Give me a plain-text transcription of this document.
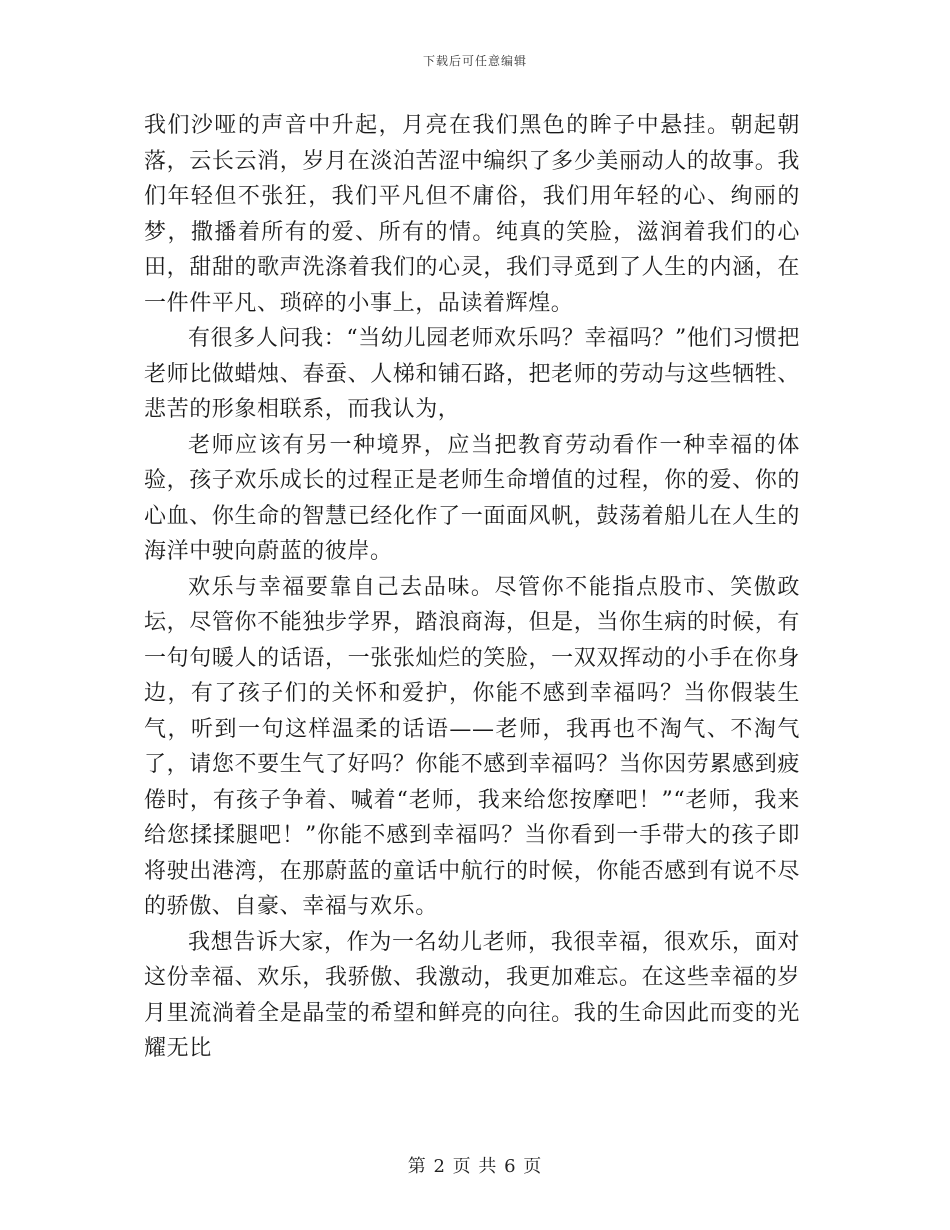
下载后可任意编辑

我们沙哑的声音中升起，月亮在我们黑色的眸子中悬挂。朝起朝落，云长云消，岁月在淡泊苦涩中编织了多少美丽动人的故事。我们年轻但不张狂，我们平凡但不庸俗，我们用年轻的心、绚丽的梦，撒播着所有的爱、所有的情。纯真的笑脸，滋润着我们的心田，甜甜的歌声洗涤着我们的心灵，我们寻觅到了人生的内涵，在一件件平凡、琐碎的小事上，品读着辉煌。

有很多人问我：“当幼儿园老师欢乐吗？幸福吗？”他们习惯把老师比做蜡烛、春蚕、人梯和铺石路，把老师的劳动与这些牺牲、悲苦的形象相联系，而我认为，

老师应该有另一种境界，应当把教育劳动看作一种幸福的体验，孩子欢乐成长的过程正是老师生命增值的过程，你的爱、你的心血、你生命的智慧已经化作了一面面风帆，鼓荡着船儿在人生的海洋中驶向蔚蓝的彼岸。

欢乐与幸福要靠自己去品味。尽管你不能指点股市、笑傲政坛，尽管你不能独步学界，踏浪商海，但是，当你生病的时候，有一句句暖人的话语，一张张灿烂的笑脸，一双双挥动的小手在你身边，有了孩子们的关怀和爱护，你能不感到幸福吗？当你假装生气，听到一句这样温柔的话语——老师，我再也不淘气、不淘气了，请您不要生气了好吗？你能不感到幸福吗？当你因劳累感到疲倦时，有孩子争着、喊着“老师，我来给您按摩吧！”“老师，我来给您揉揉腿吧！”你能不感到幸福吗？当你看到一手带大的孩子即将驶出港湾，在那蔚蓝的童话中航行的时候，你能否感到有说不尽的骄傲、自豪、幸福与欢乐。

我想告诉大家，作为一名幼儿老师，我很幸福，很欢乐，面对这份幸福、欢乐，我骄傲、我激动，我更加难忘。在这些幸福的岁月里流淌着全是晶莹的希望和鲜亮的向往。我的生命因此而变的光耀无比

第 2 页 共 6 页
